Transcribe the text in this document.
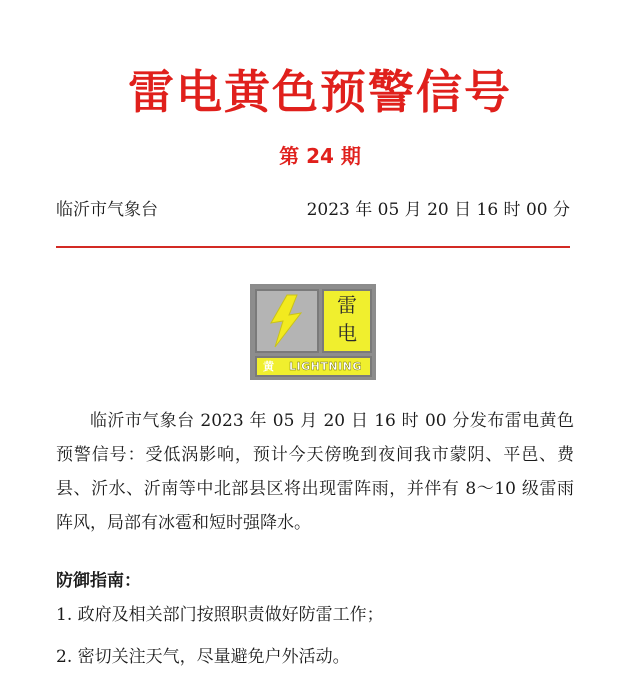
雷电黄色预警信号
第 24 期
临沂市气象台	2023 年 05 月 20 日 16 时 00 分
雷
电
黄 LIGHTNING
临沂市气象台 2023 年 05 月 20 日 16 时 00 分发布雷电黄色预警信号：受低涡影响，预计今天傍晚到夜间我市蒙阴、平邑、费县、沂水、沂南等中北部县区将出现雷阵雨，并伴有 8～10 级雷雨阵风，局部有冰雹和短时强降水。
防御指南：
1. 政府及相关部门按照职责做好防雷工作；
2. 密切关注天气，尽量避免户外活动。
